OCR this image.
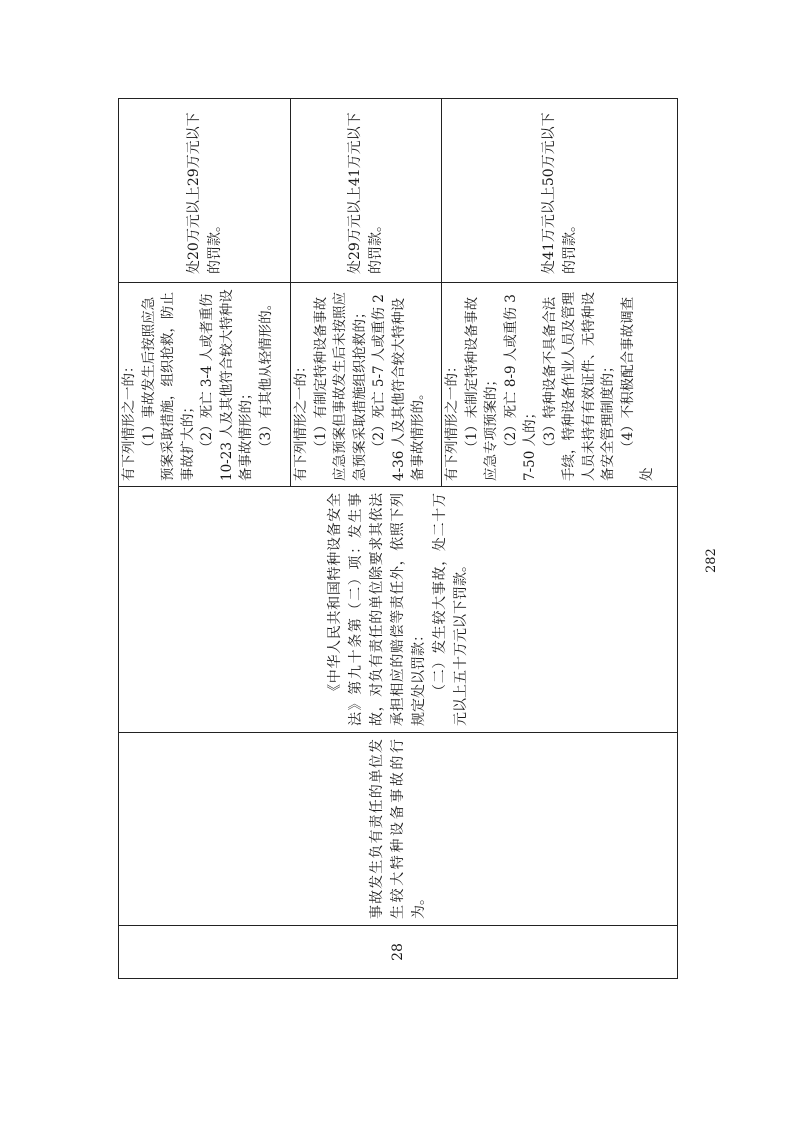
28	事故发生负有责任的单位发生较大特种设备事故的行为。	《中华人民共和国特种设备安全法》第九十条第（二）项：发生事故，对负有责任的单位除要求其依法承担相应的赔偿等责任外，依照下列规定处以罚款： （二）发生较大事故，处二十万元以上五十万元以下罚款。	有下列情形之一的： （1）事故发生后按照应急预案采取措施，组织抢救，防止事故扩大的； （2）死亡 3-4 人或者重伤 10-23 人及其他符合较大特种设备事故情形的； （3）有其他从轻情形的。	处20万元以上29万元以下的罚款。

			有下列情形之一的： （1）有制定特种设备事故应急预案但事故发生后未按照应急预案采取措施组织抢救的； （2）死亡 5-7 人或重伤 24-36 人及其他符合较大特种设备事故情形的。	处29万元以上41万元以下的罚款。

			有下列情形之一的： （1）未制定特种设备事故应急专项预案的； （2）死亡 8-9 人或重伤 37-50 人的； （3）特种设备不具备合法手续，特种设备作业人员及管理人员未持有有效证件、无特种设备安全管理制度的； （4）不积极配合事故调查处	处41万元以上50万元以下的罚款。
282
